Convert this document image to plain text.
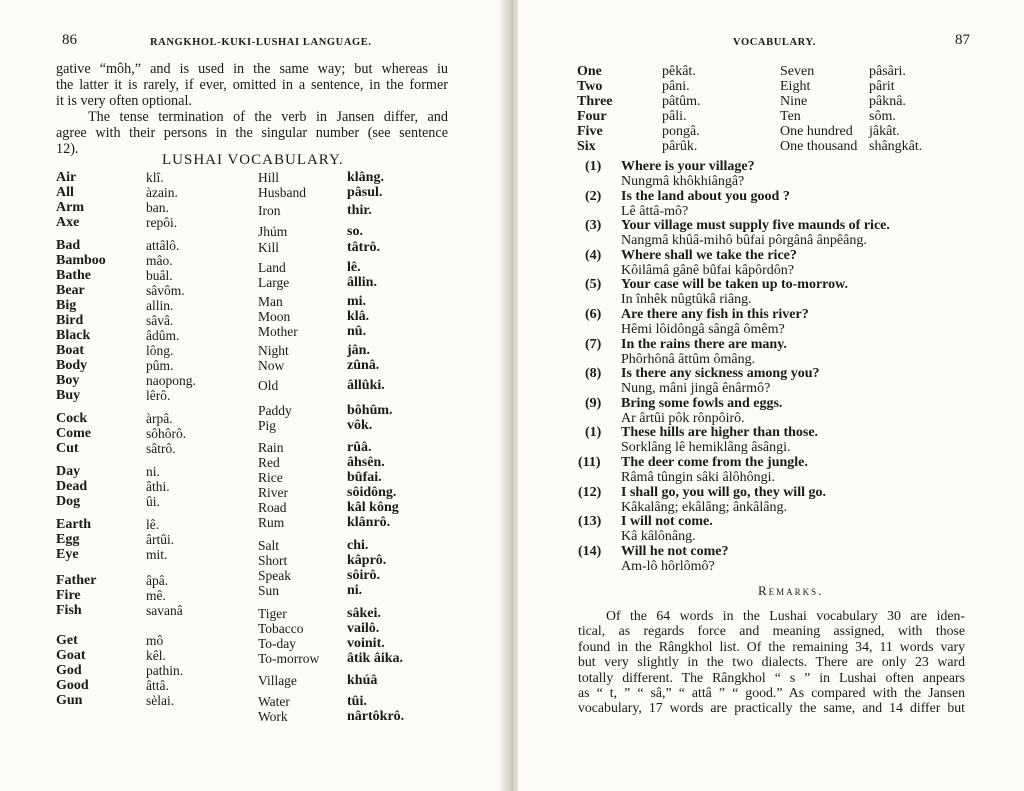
86	RANGKHOL-KUKI-LUSHAI LANGUAGE.
gative “môh,” and is used in the same way; but whereas iu
the latter it is rarely, if ever, omitted in a sentence, in the former
it is very often optional.
The tense termination of the verb in Jansen differ, and
agree with their persons in the singular number (see sentence
12).
LUSHAI VOCABULARY.
Air	klî.
All	àzain.
Arm	ban.
Axe	repôi.
Bad	attâlô.
Bamboo	mâo.
Bathe	buâl.
Bear	sâvôm.
Big	allin.
Bird	sâvâ.
Black	âdûm.
Boat	lông.
Body	pûm.
Boy	naopong.
Buy	lêrô.
Cock	àrpâ.
Come	sôhôrô.
Cut	sâtrô.
Day	ni.
Dead	âthi.
Dog	ûi.
Earth	lê.
Egg	ârtûi.
Eye	mit.
Father	âpâ.
Fire	mê.
Fish	savanâ
Get	mô
Goat	kêl.
God	pathin.
Good	âttâ.
Gun	sèlai.
Hill	klâng.
Husband	pâsul.
Iron	thir.
Jhúm	so.
Kill	tâtrô.
Land	lê.
Large	âllin.
Man	mi.
Moon	klâ.
Mother	nû.
Night	jân.
Now	zûnâ.
Old	âllûki.
Paddy	bôhûm.
Pig	vôk.
Rain	rûâ.
Red	âhsên.
Rice	bûfai.
River	sôidông.
Road	kâl kông
Rum	klânrô.
Salt	chi.
Short	kâprô.
Speak	sôirô.
Sun	ni.
Tiger	sâkei.
Tobacco	vailô.
To-day	voinit.
To-morrow âtik âika.
Village	khúâ
Water	tûi.
Work	nârtôkrô.
VOCABULARY.	87
One	pêkât.	Seven	pâsâri.
Two	pâni.	Eight	pârit
Three	pâtûm.	Nine	pâknâ.
Four	pâli.	Ten	sôm.
Five	pongâ.	One hundred jâkât.
Six	pârûk.	One thousand shângkât.
(1) Where is your village?
Nungmâ khôkhiângâ?
(2) Is the land about you good ?
Lê âttâ-mô?
(3) Your village must supply five maunds of rice.
Nangmâ khûâ-mihô bûfai pôrgânâ ânpêâng.
(4) Where shall we take the rice?
Kôilâmâ gânê bûfai kâpôrdôn?
(5) Your case will be taken up to-morrow.
In înhêk nûgtûkâ riâng.
(6) Are there any fish in this river?
Hêmi lôidôngâ sângâ ômêm?
(7) In the rains there are many.
Phôrhônâ âttûm ômâng.
(8) Is there any sickness among you?
Nung, mâni jingâ ênârmô?
(9) Bring some fowls and eggs.
Ar ârtûi pôk rônpôirô.
(1) These hills are higher than those.
Sorklâng lê hemiklâng âsângi.
(11) The deer come from the jungle.
Râmâ tûngin sâki âlôhôngi.
(12) I shall go, you will go, they will go.
Kâkalâng; ekâlâng; ânkâlâng.
(13) I will not come.
Kâ kâlônâng.
(14) Will he not come?
Am-lô hôrlômô?
Remarks.
Of the 64 words in the Lushai vocabulary 30 are iden-
tical, as regards force and meaning assigned, with those
found in the Rângkhol list. Of the remaining 34, 11 words vary
but very slightly in the two dialects. There are only 23 ward
totally different. The Rângkhol “ s ” in Lushai often anpears
as “ t, ” “ sâ,” “ attâ ” “ good.” As compared with the Jansen
vocabulary, 17 words are practically the same, and 14 differ but
